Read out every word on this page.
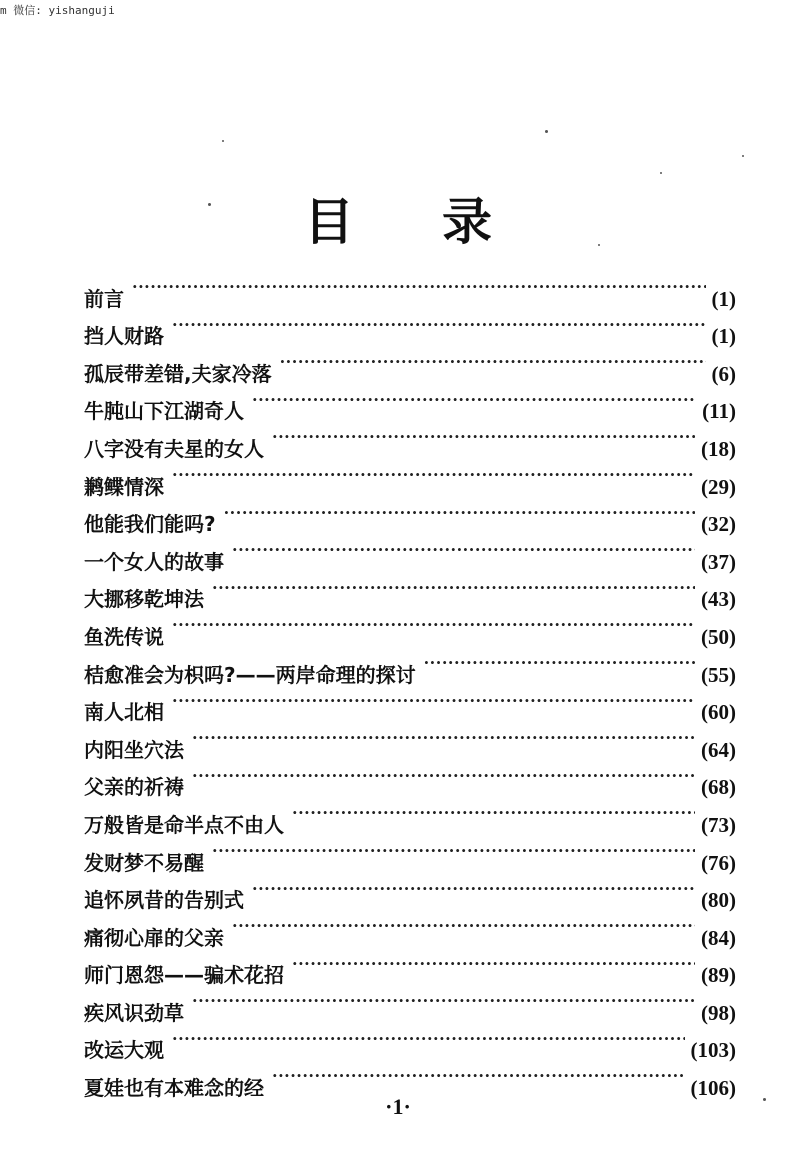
m 微信: yishanguji
目录
前言 ·····	(1)
挡人财路 ·····	(1)
孤辰带差错,夫家冷落 ·····	(6)
牛肫山下江湖奇人 ·····	(11)
八字没有夫星的女人 ·····	(18)
鹣鲽情深 ·····	(29)
他能我们能吗? ·····	(32)
一个女人的故事 ·····	(37)
大挪移乾坤法 ·····	(43)
鱼洗传说 ·····	(50)
桔愈准会为枳吗?——两岸命理的探讨 ·····	(55)
南人北相 ·····	(60)
内阳坐穴法 ·····	(64)
父亲的祈祷 ·····	(68)
万般皆是命半点不由人 ·····	(73)
发财梦不易醒 ·····	(76)
追怀夙昔的告别式 ·····	(80)
痛彻心扉的父亲 ·····	(84)
师门恩怨——骗术花招 ·····	(89)
疾风识劲草 ·····	(98)
改运大观 ·····	(103)
夏娃也有本难念的经 ·····	(106)
·1·
